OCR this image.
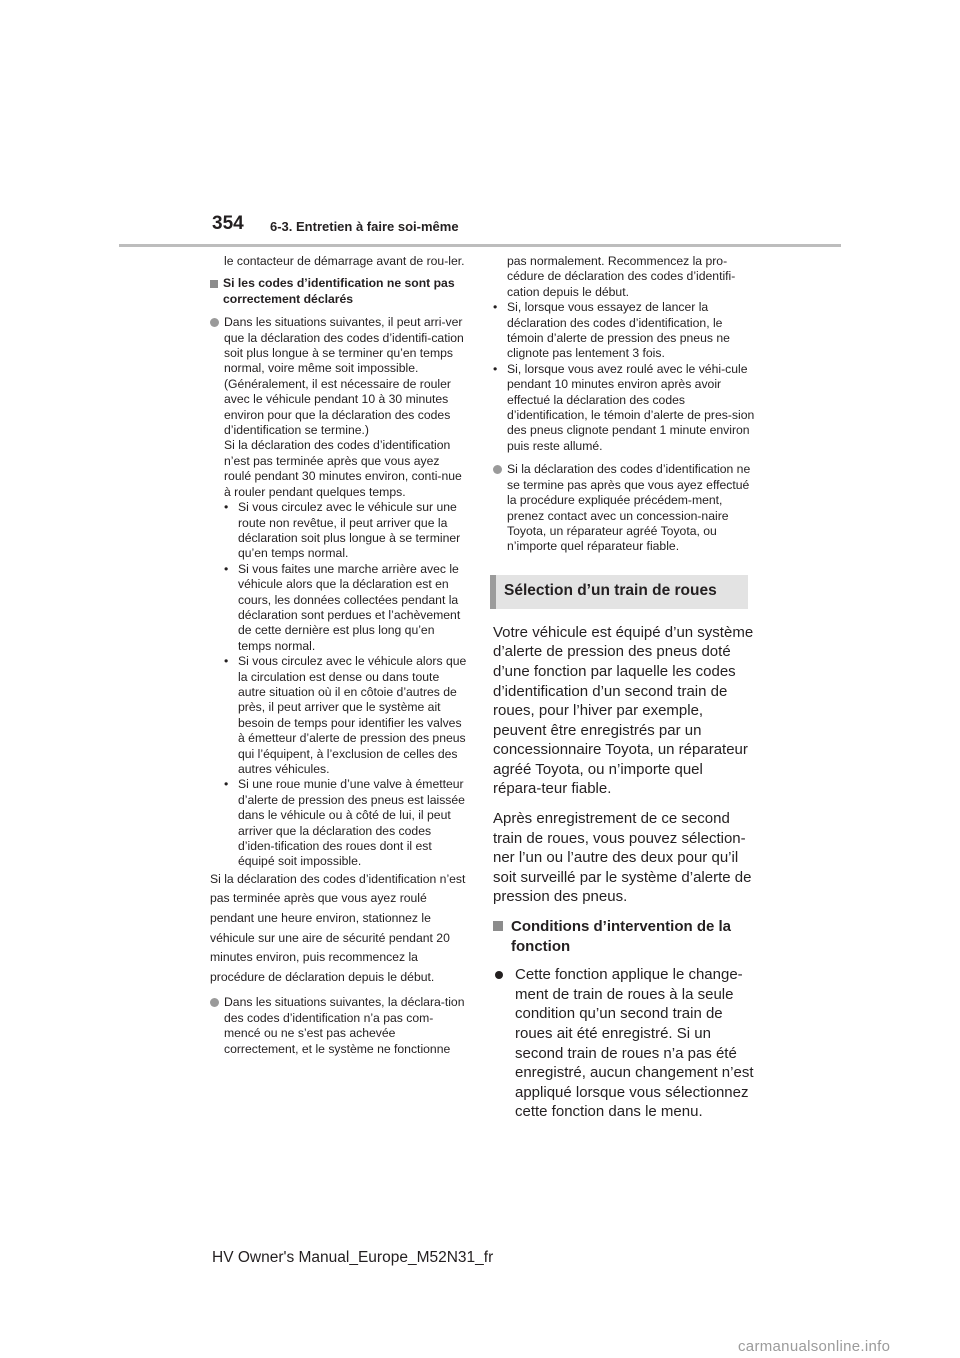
354 6-3. Entretien à faire soi-même

le contacteur de démarrage avant de rou-ler.

Si les codes d’identification ne sont pas correctement déclarés

Dans les situations suivantes, il peut arri-ver que la déclaration des codes d’identifi-cation soit plus longue à se terminer qu’en temps normal, voire même soit impossible. (Généralement, il est nécessaire de rouler avec le véhicule pendant 10 à 30 minutes environ pour que la déclaration des codes d’identification se termine.)

Si la déclaration des codes d’identification n’est pas terminée après que vous ayez roulé pendant 30 minutes environ, conti-nue à rouler pendant quelques temps.

• Si vous circulez avec le véhicule sur une route non revêtue, il peut arriver que la déclaration soit plus longue à se terminer qu’en temps normal.
• Si vous faites une marche arrière avec le véhicule alors que la déclaration est en cours, les données collectées pendant la déclaration sont perdues et l’achèvement de cette dernière est plus long qu’en temps normal.
• Si vous circulez avec le véhicule alors que la circulation est dense ou dans toute autre situation où il en côtoie d’autres de près, il peut arriver que le système ait besoin de temps pour identifier les valves à émetteur d’alerte de pression des pneus qui l’équipent, à l’exclusion de celles des autres véhicules.
• Si une roue munie d’une valve à émetteur d’alerte de pression des pneus est laissée dans le véhicule ou à côté de lui, il peut arriver que la déclaration des codes d’iden-tification des roues dont il est équipé soit impossible.

Si la déclaration des codes d’identification n’est pas terminée après que vous ayez roulé pendant une heure environ, stationnez le véhicule sur une aire de sécurité pendant 20 minutes environ, puis recommencez la procédure de déclaration depuis le début.

Dans les situations suivantes, la déclara-tion des codes d’identification n’a pas com-mencé ou ne s’est pas achevée correctement, et le système ne fonctionne

pas normalement. Recommencez la pro-cédure de déclaration des codes d’identifi-cation depuis le début.

• Si, lorsque vous essayez de lancer la déclaration des codes d’identification, le témoin d’alerte de pression des pneus ne clignote pas lentement 3 fois.
• Si, lorsque vous avez roulé avec le véhi-cule pendant 10 minutes environ après avoir effectué la déclaration des codes d’identification, le témoin d’alerte de pres-sion des pneus clignote pendant 1 minute environ puis reste allumé.
Si la déclaration des codes d’identification ne se termine pas après que vous ayez effectué la procédure expliquée précédem-ment, prenez contact avec un concession-naire Toyota, un réparateur agréé Toyota, ou n’importe quel réparateur fiable.
Sélection d’un train de roues

Votre véhicule est équipé d’un système d’alerte de pression des pneus doté d’une fonction par laquelle les codes d’identification d’un second train de roues, pour l’hiver par exemple, peuvent être enregistrés par un concessionnaire Toyota, un réparateur agréé Toyota, ou n’importe quel répara-teur fiable.

Après enregistrement de ce second train de roues, vous pouvez sélection-ner l’un ou l’autre des deux pour qu’il soit surveillé par le système d’alerte de pression des pneus.

Conditions d’intervention de la fonction
Cette fonction applique le change-ment de train de roues à la seule condition qu’un second train de roues ait été enregistré. Si un second train de roues n’a pas été enregistré, aucun changement n’est appliqué lorsque vous sélectionnez cette fonction dans le menu.
HV Owner's Manual_Europe_M52N31_fr
carmanualsonline.info
